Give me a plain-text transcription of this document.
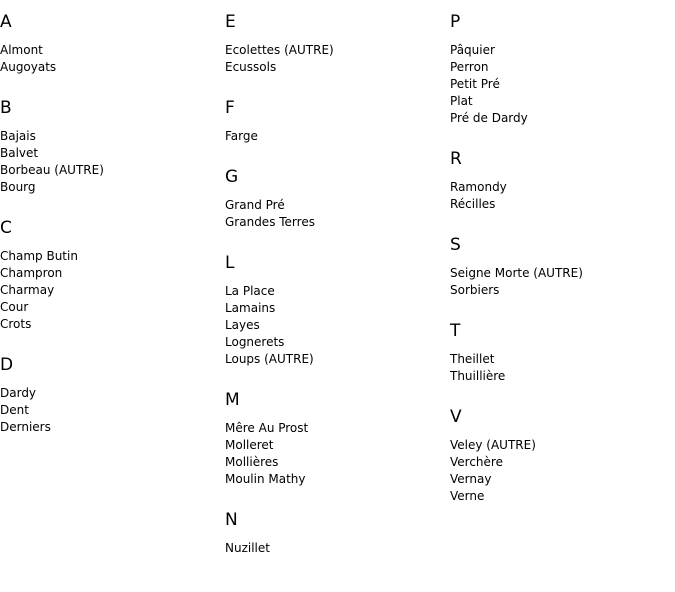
A
Almont
Augoyats
B
Bajais
Balvet
Borbeau (AUTRE)
Bourg
C
Champ Butin
Champron
Charmay
Cour
Crots
D
Dardy
Dent
Derniers
E
Ecolettes (AUTRE)
Ecussols
F
Farge
G
Grand Pré
Grandes Terres
L
La Place
Lamains
Layes
Lognerets
Loups (AUTRE)
M
Mêre Au Prost
Molleret
Mollières
Moulin Mathy
N
Nuzillet
P
Pâquier
Perron
Petit Pré
Plat
Pré de Dardy
R
Ramondy
Récilles
S
Seigne Morte (AUTRE)
Sorbiers
T
Theillet
Thuillière
V
Veley (AUTRE)
Verchère
Vernay
Verne
